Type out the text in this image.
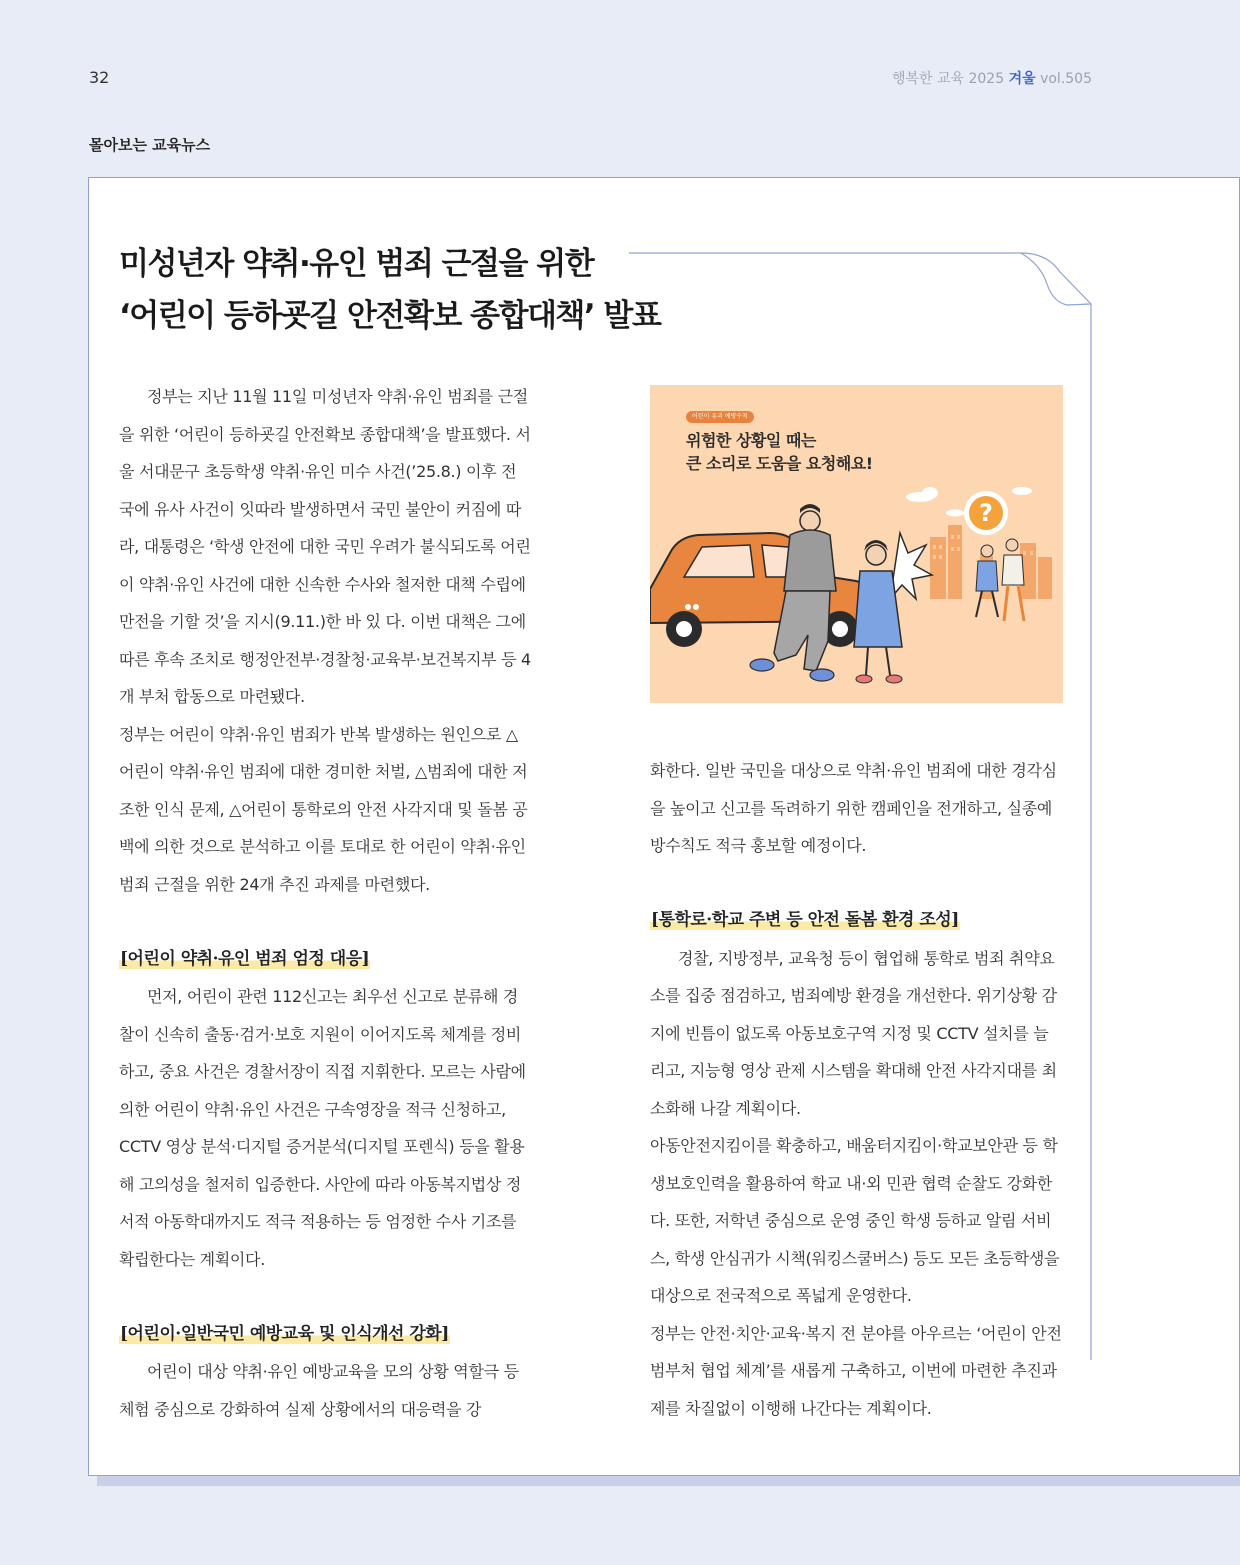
32	행복한 교육 2025 겨울 vol.505
몰아보는 교육뉴스
미성년자 약취·유인 범죄 근절을 위한
‘어린이 등하굣길 안전확보 종합대책’ 발표

정부는 지난 11월 11일 미성년자 약취·유인 범죄를 근절을 위한 ‘어린이 등하굣길 안전확보 종합대책’을 발표했다. 서울 서대문구 초등학생 약취·유인 미수 사건(’25.8.) 이후 전국에 유사 사건이 잇따라 발생하면서 국민 불안이 커짐에 따라, 대통령은 ‘학생 안전에 대한 국민 우려가 불식되도록 어린이 약취·유인 사건에 대한 신속한 수사와 철저한 대책 수립에 만전을 기할 것’을 지시(9.11.)한 바 있 다. 이번 대책은 그에 따른 후속 조치로 행정안전부·경찰청·교육부·보건복지부 등 4개 부처 합동으로 마련됐다.

정부는 어린이 약취·유인 범죄가 반복 발생하는 원인으로 △어린이 약취·유인 범죄에 대한 경미한 처벌, △범죄에 대한 저조한 인식 문제, △어린이 통학로의 안전 사각지대 및 돌봄 공백에 의한 것으로 분석하고 이를 토대로 한 어린이 약취·유인 범죄 근절을 위한 24개 추진 과제를 마련했다.

[어린이 약취·유인 범죄 엄정 대응]

먼저, 어린이 관련 112신고는 최우선 신고로 분류해 경찰이 신속히 출동·검거·보호 지원이 이어지도록 체계를 정비하고, 중요 사건은 경찰서장이 직접 지휘한다. 모르는 사람에 의한 어린이 약취·유인 사건은 구속영장을 적극 신청하고, CCTV 영상 분석·디지털 증거분석(디지털 포렌식) 등을 활용해 고의성을 철저히 입증한다. 사안에 따라 아동복지법상 정서적 아동학대까지도 적극 적용하는 등 엄정한 수사 기조를 확립한다는 계획이다.

[어린이·일반국민 예방교육 및 인식개선 강화]

어린이 대상 약취·유인 예방교육을 모의 상황 역할극 등 체험 중심으로 강화하여 실제 상황에서의 대응력을 강

어린이 유괴 예방수칙
위험한 상황일 때는
큰 소리로 도움을 요청해요!
?

화한다. 일반 국민을 대상으로 약취·유인 범죄에 대한 경각심을 높이고 신고를 독려하기 위한 캠페인을 전개하고, 실종예방수칙도 적극 홍보할 예정이다.

[통학로·학교 주변 등 안전 돌봄 환경 조성]

경찰, 지방정부, 교육청 등이 협업해 통학로 범죄 취약요소를 집중 점검하고, 범죄예방 환경을 개선한다. 위기상황 감지에 빈틈이 없도록 아동보호구역 지정 및 CCTV 설치를 늘리고, 지능형 영상 관제 시스템을 확대해 안전 사각지대를 최소화해 나갈 계획이다.

아동안전지킴이를 확충하고, 배움터지킴이·학교보안관 등 학생보호인력을 활용하여 학교 내·외 민관 협력 순찰도 강화한다. 또한, 저학년 중심으로 운영 중인 학생 등하교 알림 서비스, 학생 안심귀가 시책(워킹스쿨버스) 등도 모든 초등학생을 대상으로 전국적으로 폭넓게 운영한다.

정부는 안전·치안·교육·복지 전 분야를 아우르는 ‘어린이 안전 범부처 협업 체계’를 새롭게 구축하고, 이번에 마련한 추진과제를 차질없이 이행해 나간다는 계획이다.
